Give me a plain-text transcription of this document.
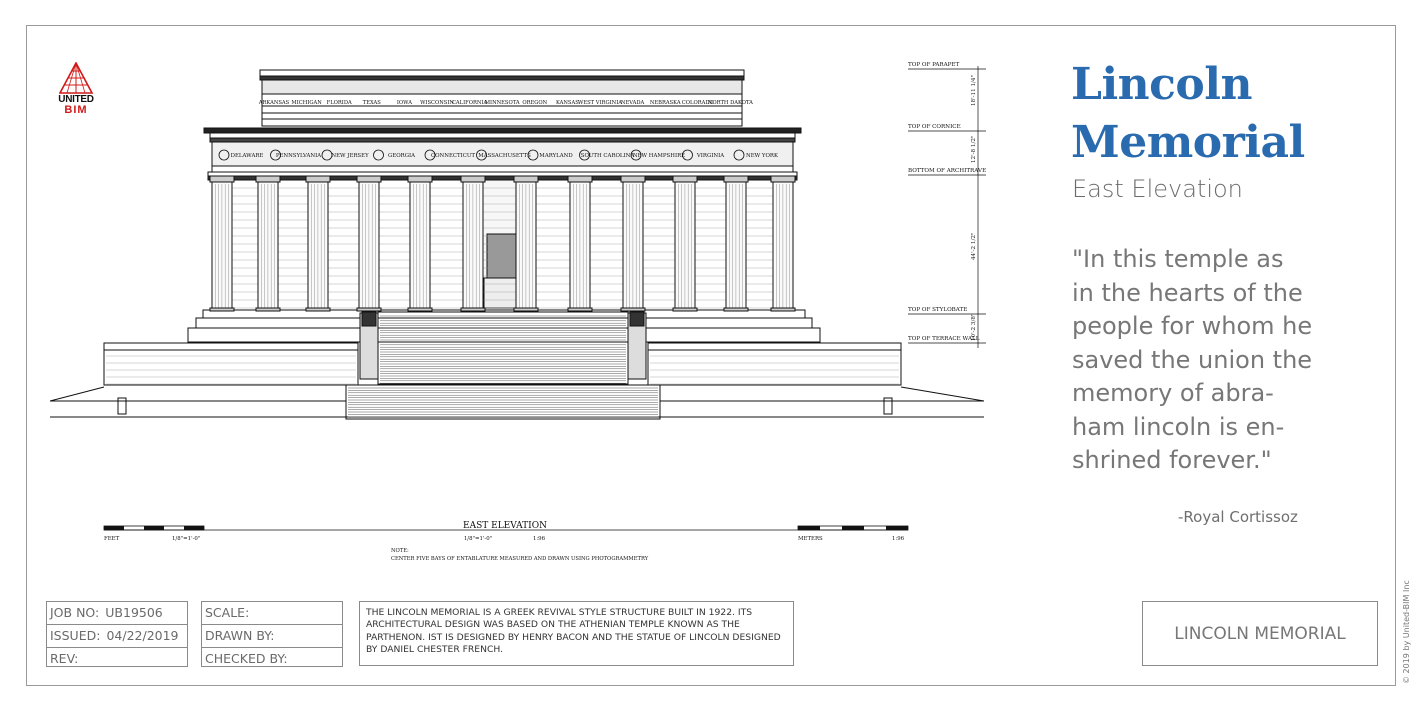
UNITED
BIM
ARKANSAS MICHIGAN FLORIDA TEXAS	IOWA WISCONSIN
CALIFORNIA
MINNESOTA OREGON KANSAS WEST VIRGINIA
NEVADA NEBRASKA COLORADO
NORTH DAKOTA
DELAWARE PENNSYLVANIA NEW JERSEY	GEORGIA	CONNECTICUT MASSACHUSETTS MARYLAND SOUTH CAROLINA
NEW HAMPSHIRE VIRGINIA	NEW YORK
TOP OF PARAPET
TOP OF CORNICE
BOTTOM OF ARCHITRAVE
TOP OF STYLOBATE
TOP OF TERRACE WALL
18'-11 1/4"
12'-8 1/2"
44'-2 1/2"
10'-2 3/8"
EAST ELEVATION
1/8"=1'-0"	1:96
FEET	1/8"=1'-0"	METERS	1:96
NOTE:
CENTER FIVE BAYS OF ENTABLATURE MEASURED AND DRAWN USING PHOTOGRAMMETRY
Lincoln
Memorial
East Elevation
"In this temple as
in the hearts of the
people for whom he
saved the union the
memory of abra-
ham lincoln is en-
shrined forever."
-Royal Cortissoz
JOB NO: UB19506
ISSUED: 04/22/2019
REV:
SCALE:
DRAWN BY:
CHECKED BY:
THE LINCOLN MEMORIAL IS A GREEK REVIVAL STYLE STRUCTURE BUILT IN 1922. ITS ARCHITECTURAL DESIGN WAS BASED ON THE ATHENIAN TEMPLE KNOWN AS THE PARTHENON. IST IS DESIGNED BY HENRY BACON AND THE STATUE OF LINCOLN DESIGNED BY DANIEL CHESTER FRENCH.
LINCOLN MEMORIAL	© 2019 by United-BIM Inc
